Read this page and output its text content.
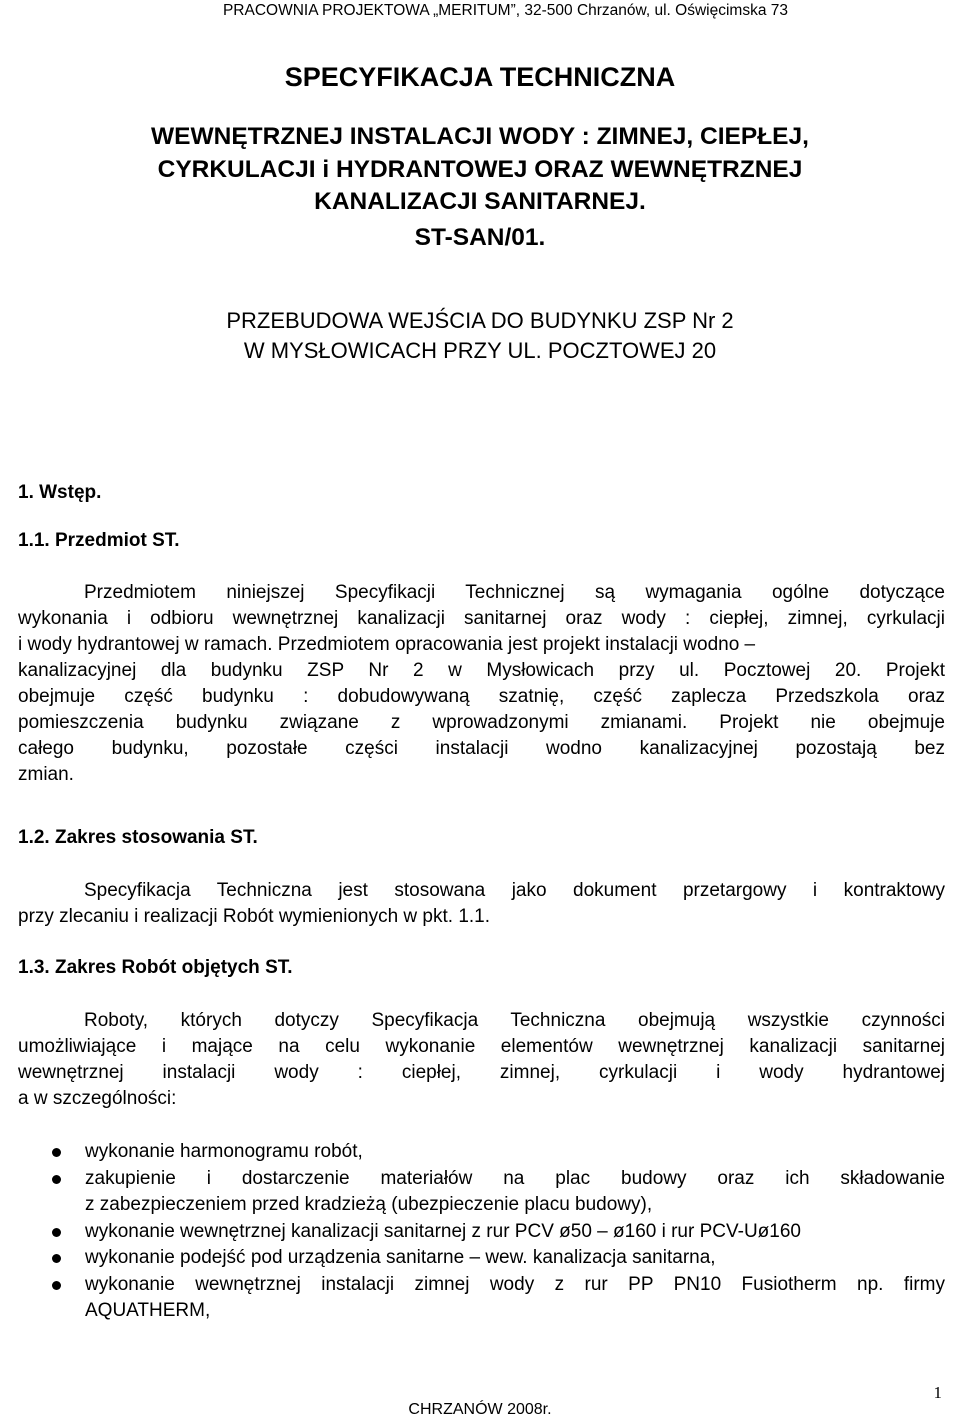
PRACOWNIA PROJEKTOWA „MERITUM”, 32-500 Chrzanów, ul. Oświęcimska 73
SPECYFIKACJA TECHNICZNA
WEWNĘTRZNEJ INSTALACJI WODY : ZIMNEJ, CIEPŁEJ,
CYRKULACJI i HYDRANTOWEJ ORAZ WEWNĘTRZNEJ
KANALIZACJI SANITARNEJ.
ST-SAN/01.
PRZEBUDOWA WEJŚCIA DO BUDYNKU ZSP Nr 2
W MYSŁOWICACH PRZY UL. POCZTOWEJ 20
1. Wstęp.
1.1. Przedmiot ST.
Przedmiotem niniejszej Specyfikacji Technicznej są wymagania ogólne dotyczące
wykonania i odbioru wewnętrznej kanalizacji sanitarnej oraz wody : ciepłej, zimnej, cyrkulacji
i wody hydrantowej w ramach. Przedmiotem opracowania jest projekt instalacji wodno –
kanalizacyjnej dla budynku ZSP Nr 2 w Mysłowicach przy ul. Pocztowej 20. Projekt
obejmuje część budynku : dobudowywaną szatnię, część zaplecza Przedszkola oraz
pomieszczenia budynku związane z wprowadzonymi zmianami. Projekt nie obejmuje
całego budynku, pozostałe części instalacji wodno kanalizacyjnej pozostają bez
zmian.
1.2. Zakres stosowania ST.
Specyfikacja Techniczna jest stosowana jako dokument przetargowy i kontraktowy
przy zlecaniu i realizacji Robót wymienionych w pkt. 1.1.
1.3. Zakres Robót objętych ST.
Roboty, których dotyczy Specyfikacja Techniczna obejmują wszystkie czynności
umożliwiające i mające na celu wykonanie elementów wewnętrznej kanalizacji sanitarnej
wewnętrznej instalacji wody : ciepłej, zimnej, cyrkulacji i wody hydrantowej
a w szczególności:
wykonanie harmonogramu robót,
zakupienie i dostarczenie materiałów na plac budowy oraz ich składowanie
z zabezpieczeniem przed kradzieżą (ubezpieczenie placu budowy),
wykonanie wewnętrznej kanalizacji sanitarnej z rur PCV ø50 – ø160 i rur PCV-Uø160
wykonanie podejść pod urządzenia sanitarne – wew. kanalizacja sanitarna,
wykonanie wewnętrznej instalacji zimnej wody z rur PP PN10 Fusiotherm np. firmy
AQUATHERM,
1
CHRZANÓW 2008r.
